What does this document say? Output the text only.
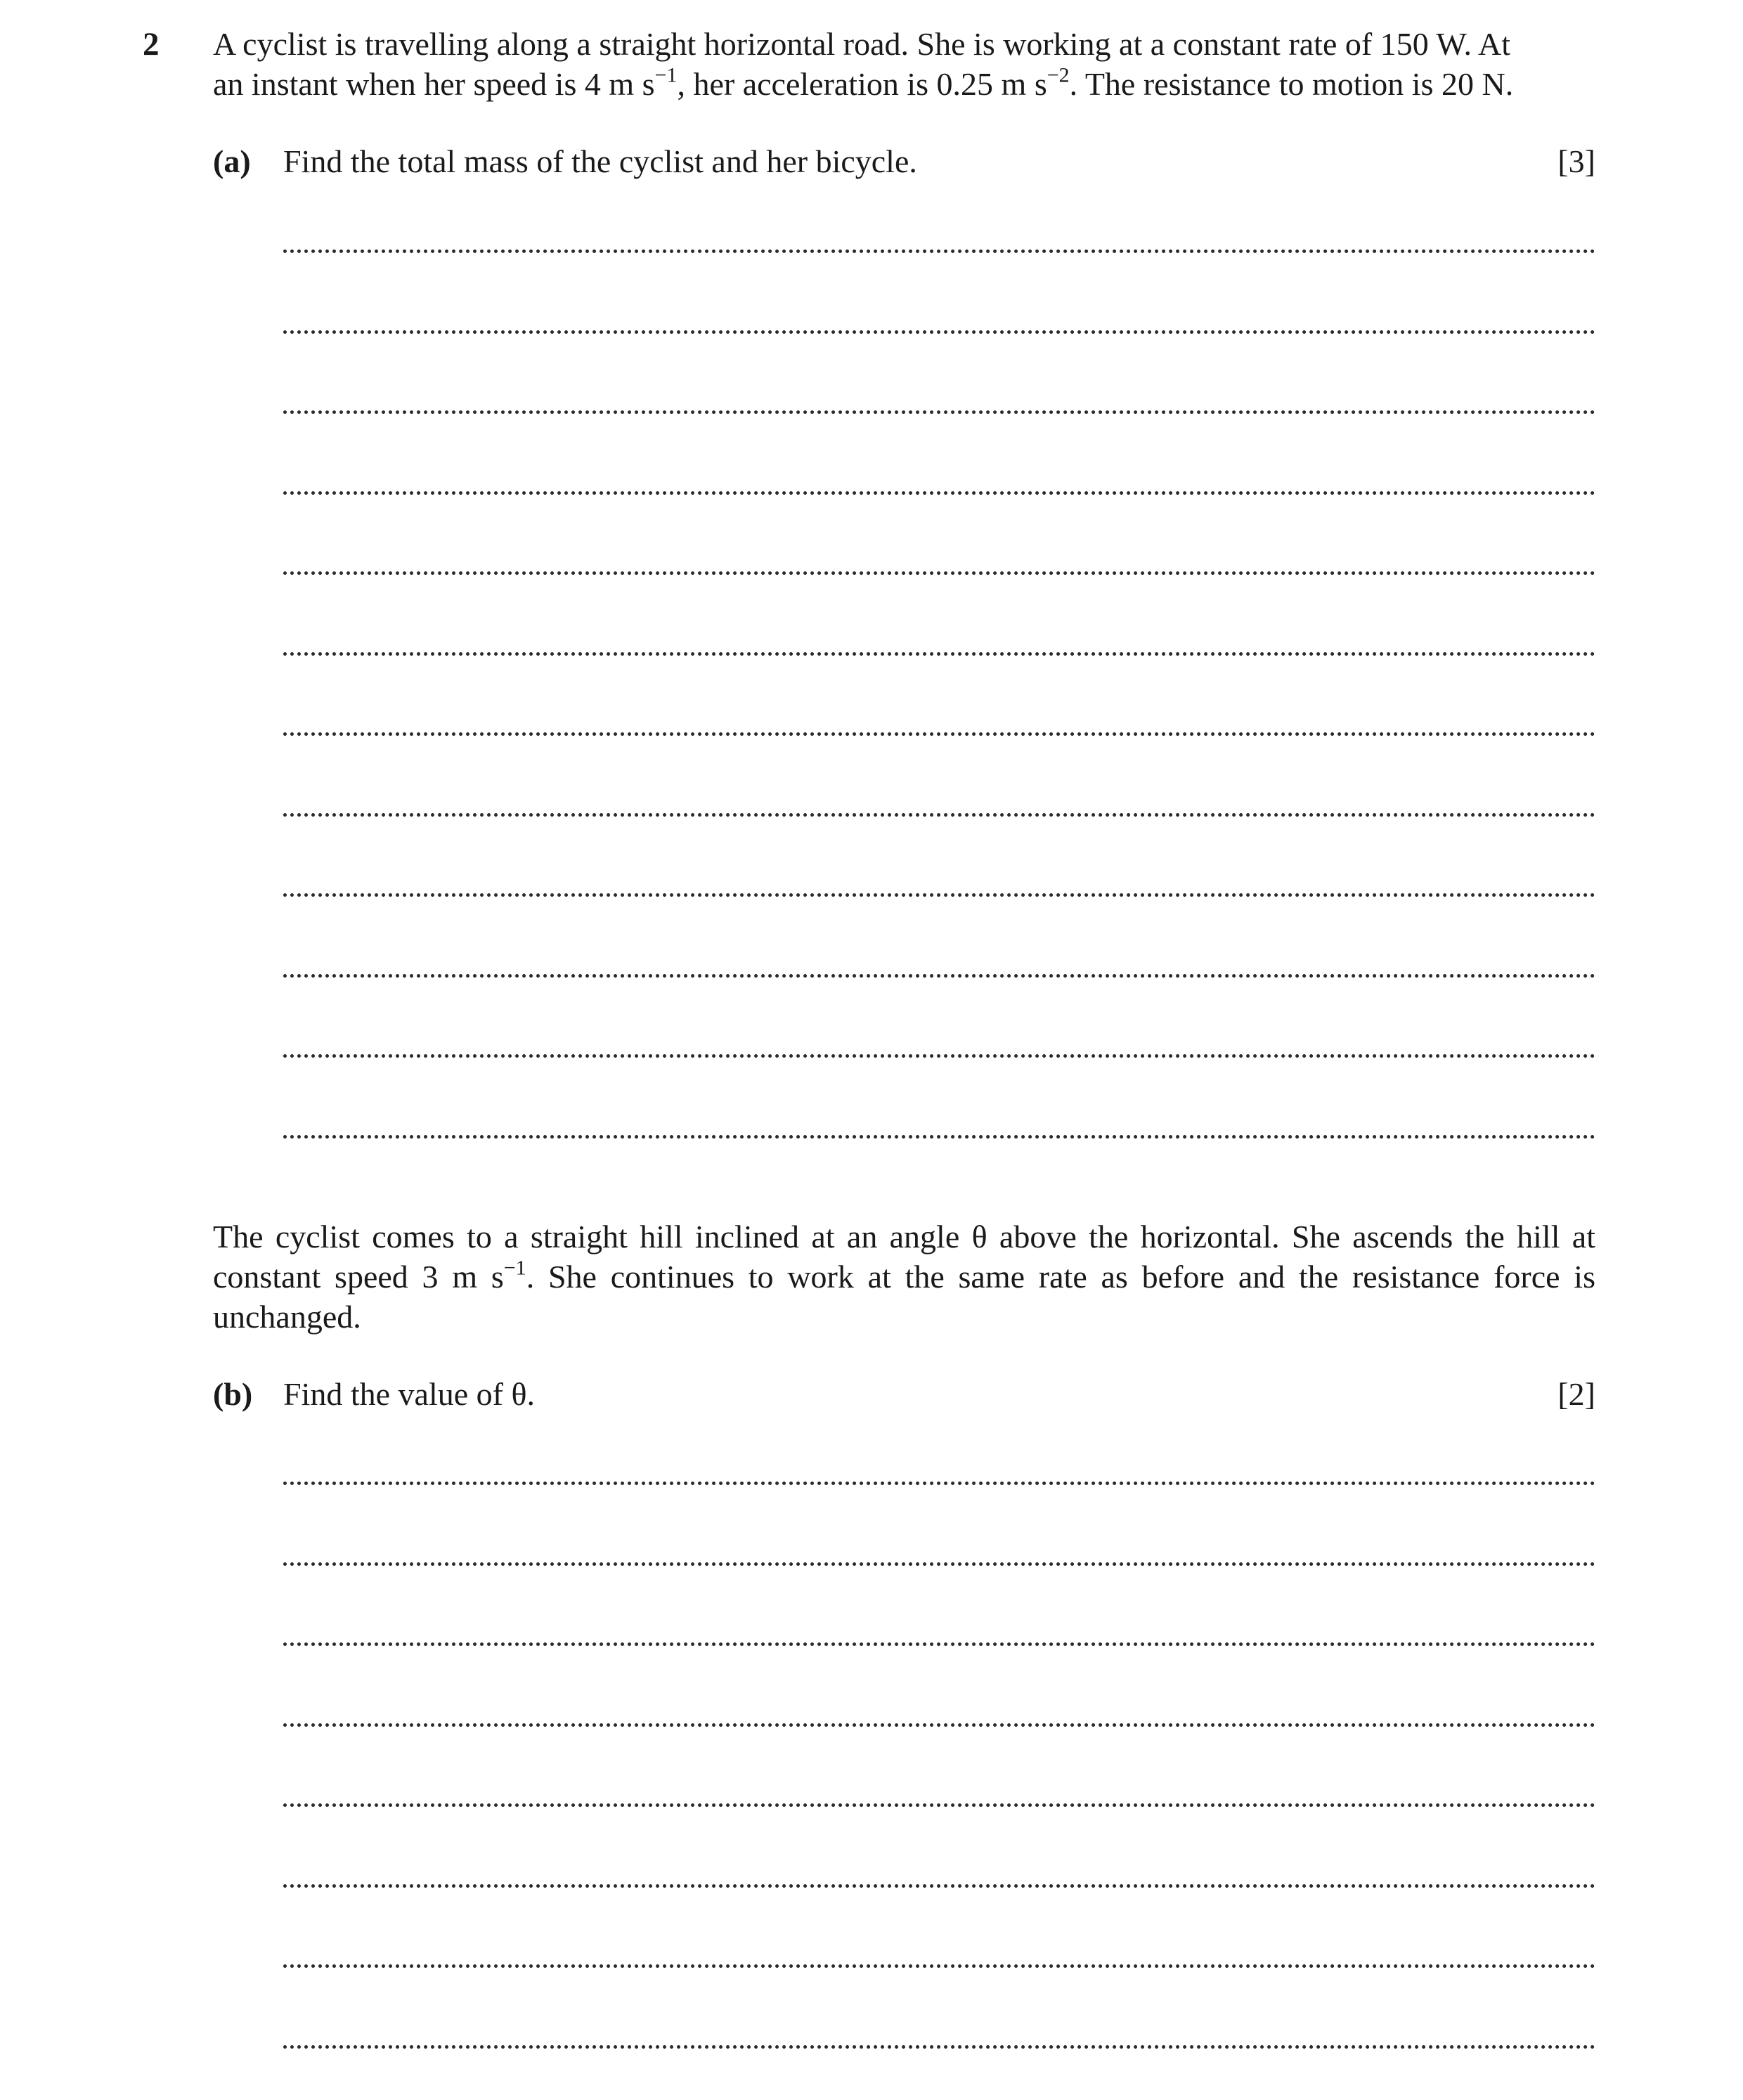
2 A cyclist is travelling along a straight horizontal road. She is working at a constant rate of 150 W. At
an instant when her speed is 4 m $s^{-1}$, her acceleration is 0.25 m $s^{-2}$. The resistance to motion is 20 N.
(a) Find the total mass of the cyclist and her bicycle.	[3]
The cyclist comes to a straight hill inclined at an angle θ above the horizontal. She ascends the hill at constant speed 3 m $s^{-1}$. She continues to work at the same rate as before and the resistance force is unchanged.
(b) Find the value of θ.	[2]
